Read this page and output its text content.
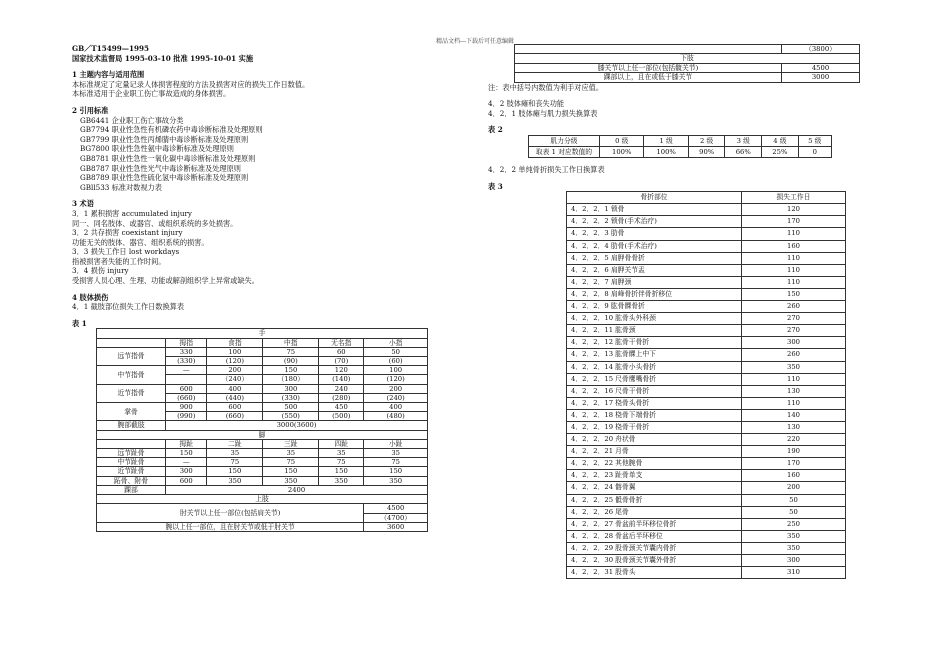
精品文档---下载后可任意编辑
GB／T15499—1995
国家技术监督局 1995-03-10 批准 1995-10-01 实施
1 主题内容与适用范围
本标准规定了定量记录人体损害程度的方法及损害对应的损失工作日数值。
本标准适用于企业职工伤亡事故造成的身体损害。
2 引用标准
GB6441 企业职工伤亡事故分类
GB7794 职业性急性有机磷农药中毒诊断标准及处理原则
GB7799 职业性急性丙烯腈中毒诊断标准及处理原则
BG7800 职业性急性氨中毒诊断标准及处理原则
GB8781 职业性急性一氧化碳中毒诊断标准及处理原则
GB8787 职业性急性光气中毒诊断标准及处理原则
GB8789 职业性急性硫化氢中毒诊断标准及处理原则
GBll533 标准对数视力表
3 术语
3．1 累积损害 accumulated injury
同一、同名肢体、或器官、或组织系统的多处损害。
3．2 共存损害 coexistant injury
功能无关的肢体、器官、组织系统的损害。
3．3 损失工作日 lost workdays
指被损害者失能的工作时间。
3．4 损伤 injury
受损害人员心理、生理、功能或解剖组织学上异常或缺失。
4 肢体损伤
4．1 截肢部位损失工作日数换算表
表 1
手					
	拇指	食指	中指	无名指	小指
远节指骨	330	100	75	60	50
	(330)	(120)	(90)	(70)	(60)
中节指骨	—	200	150	120	100
		（240）	（180）	(140)	(120)
近节指骨	600	400	300	240	200
	(660)	(440)	(330)	(280)	(240)
掌骨	900	600	500	450	400
	(990)	(660)	(550)	(500)	(480)
腕部截肢	3000(3600)				
脚					
	拇趾	二趾	三趾	四趾	小趾
远节趾骨	150	35	35	35	35
中节趾骨	—	75	75	75	75
近节趾骨	300	150	150	150	150
跖骨、附骨	600	350	350	350	350
踝部	2400				
上肢					
肘关节以上任一部位(包括肩关节)					4500
					（4700）
腕以上任一部位，且在肘关节或低于肘关节					3600
	（3800）
下肢	
膝关节以上任一部位(包括髋关节)	4500
踝部以上，且在或低于膝关节	3000
注：表中括号内数值为利手对应值。
4．2 肢体瘫和丧失功能
4．2．1 肢体瘫与肌力损失换算表
表 2
肌力分级	0 级	1 级	2 级	3 级	4 级	5 级
取表 1 对应数值的	100%	100%	90%	66%	25%	0
4．2．2 单纯骨折损失工作日换算表
表 3
骨折部位	损失工作日
4．2．2．1 锁骨	120
4．2．2．2 锁骨(手术治疗)	170
4．2．2．3 肋骨	110
4．2．2．4 肋骨(手术治疗)	160
4．2．2．5 肩胛骨骨折	110
4．2．2．6 肩胛关节盂	110
4．2．2．7 肩胛颈	110
4．2．2．8 肩峰骨折伴骨折移位	150
4．2．2．9 肱骨髁骨折	260
4．2．2．10 肱骨头外科颈	270
4．2．2．11 肱骨颈	270
4．2．2．12 肱骨干骨折	300
4．2．2．13 肱骨髁上中下	260
4．2．2．14 肱骨小头骨折	350
4．2．2．15 尺骨鹰嘴骨折	110
4．2．2．16 尺骨干骨折	130
4．2．2．17 桡骨头骨折	110
4．2．2．18 桡骨下端骨折	140
4．2．2．19 桡骨干骨折	130
4．2．2．20 舟状骨	220
4．2．2．21 月骨	190
4．2．2．22 其他腕骨	170
4．2．2．23 趾骨单支	160
4．2．2．24 髂骨翼	200
4．2．2．25 骶骨骨折	50
4．2．2．26 尾骨	50
4．2．2．27 骨盆前半环移位骨折	250
4．2．2．28 骨盆后半环移位	350
4．2．2．29 股骨颈关节囊内骨折	350
4．2．2．30 股骨颈关节囊外骨折	300
4．2．2．31 股骨头	310
